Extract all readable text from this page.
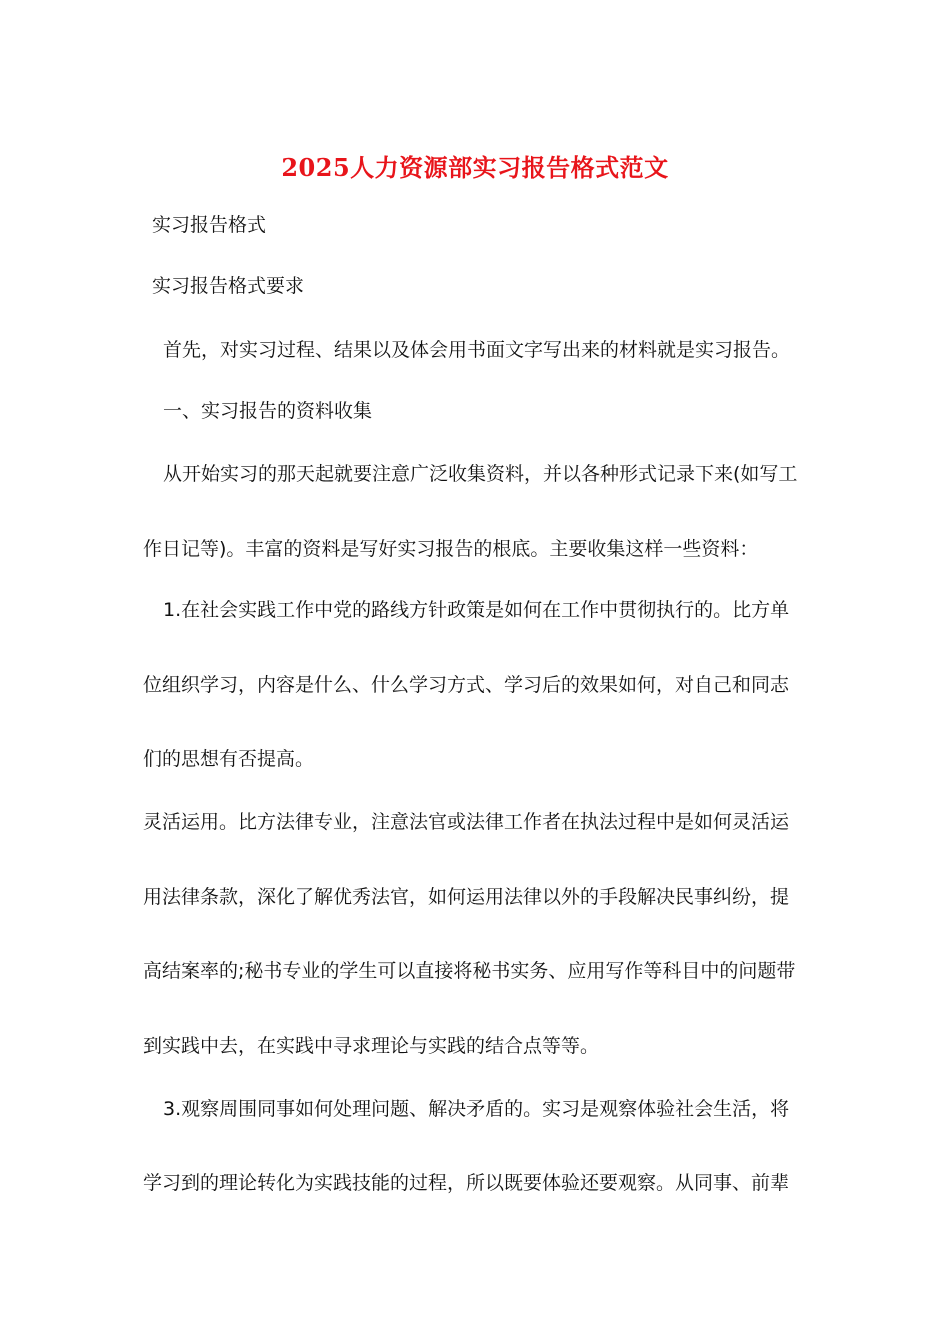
2025人力资源部实习报告格式范文
实习报告格式
实习报告格式要求
首先，对实习过程、结果以及体会用书面文字写出来的材料就是实习报告。
一、实习报告的资料收集
从开始实习的那天起就要注意广泛收集资料，并以各种形式记录下来(如写工
作日记等)。丰富的资料是写好实习报告的根底。主要收集这样一些资料：
1.在社会实践工作中党的路线方针政策是如何在工作中贯彻执行的。比方单
位组织学习，内容是什么、什么学习方式、学习后的效果如何，对自己和同志
们的思想有否提高。
灵活运用。比方法律专业，注意法官或法律工作者在执法过程中是如何灵活运
用法律条款，深化了解优秀法官，如何运用法律以外的手段解决民事纠纷，提
高结案率的;秘书专业的学生可以直接将秘书实务、应用写作等科目中的问题带
到实践中去，在实践中寻求理论与实践的结合点等等。
3.观察周围同事如何处理问题、解决矛盾的。实习是观察体验社会生活，将
学习到的理论转化为实践技能的过程，所以既要体验还要观察。从同事、前辈
